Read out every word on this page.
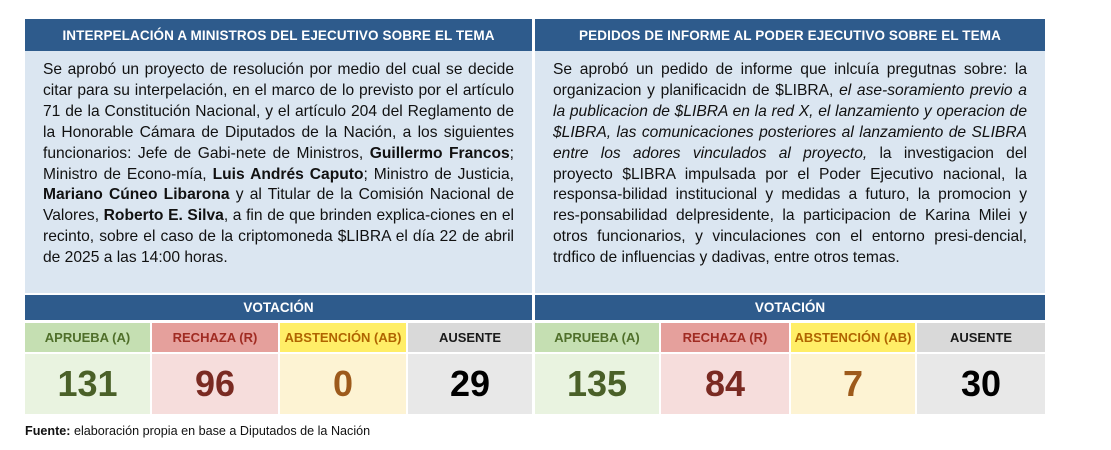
INTERPELACIÓN A MINISTROS DEL EJECUTIVO SOBRE EL TEMA
Se aprobó un proyecto de resolución por medio del cual se decide citar para su interpelación, en el marco de lo previsto por el artículo 71 de la Constitución Nacional, y el artículo 204 del Reglamento de la Honorable Cámara de Diputados de la Nación, a los siguientes funcionarios: Jefe de Gabi-nete de Ministros, Guillermo Francos; Ministro de Econo-mía, Luis Andrés Caputo; Ministro de Justicia, Mariano Cúneo Libarona y al Titular de la Comisión Nacional de Valores, Roberto E. Silva, a fin de que brinden explica-ciones en el recinto, sobre el caso de la criptomoneda $LIBRA el día 22 de abril de 2025 a las 14:00 horas.
VOTACIÓN
APRUEBA (A)	RECHAZA (R)	ABSTENCIÓN (AB)	AUSENTE
131	96	0	29
PEDIDOS DE INFORME AL PODER EJECUTIVO SOBRE EL TEMA
Se aprobó un pedido de informe que inlcuía pregutnas sobre: la organizacion y planificacidn de $LIBRA, el ase-soramiento previo a la publicacion de $LIBRA en la red X, el lanzamiento y operacion de $LIBRA, las comunicaciones posteriores al lanzamiento de SLIBRA entre los adores vinculados al proyecto, la investigacion del proyecto $LIBRA impulsada por el Poder Ejecutivo nacional, la responsa-bilidad institucional y medidas a futuro, la promocion y res-ponsabilidad delpresidente, la participacion de Karina Milei y otros funcionarios, y vinculaciones con el entorno presi-dencial, trdfico de influencias y dadivas, entre otros temas.
VOTACIÓN
APRUEBA (A)	RECHAZA (R)	ABSTENCIÓN (AB)	AUSENTE
135	84	7	30
Fuente: elaboración propia en base a Diputados de la Nación
